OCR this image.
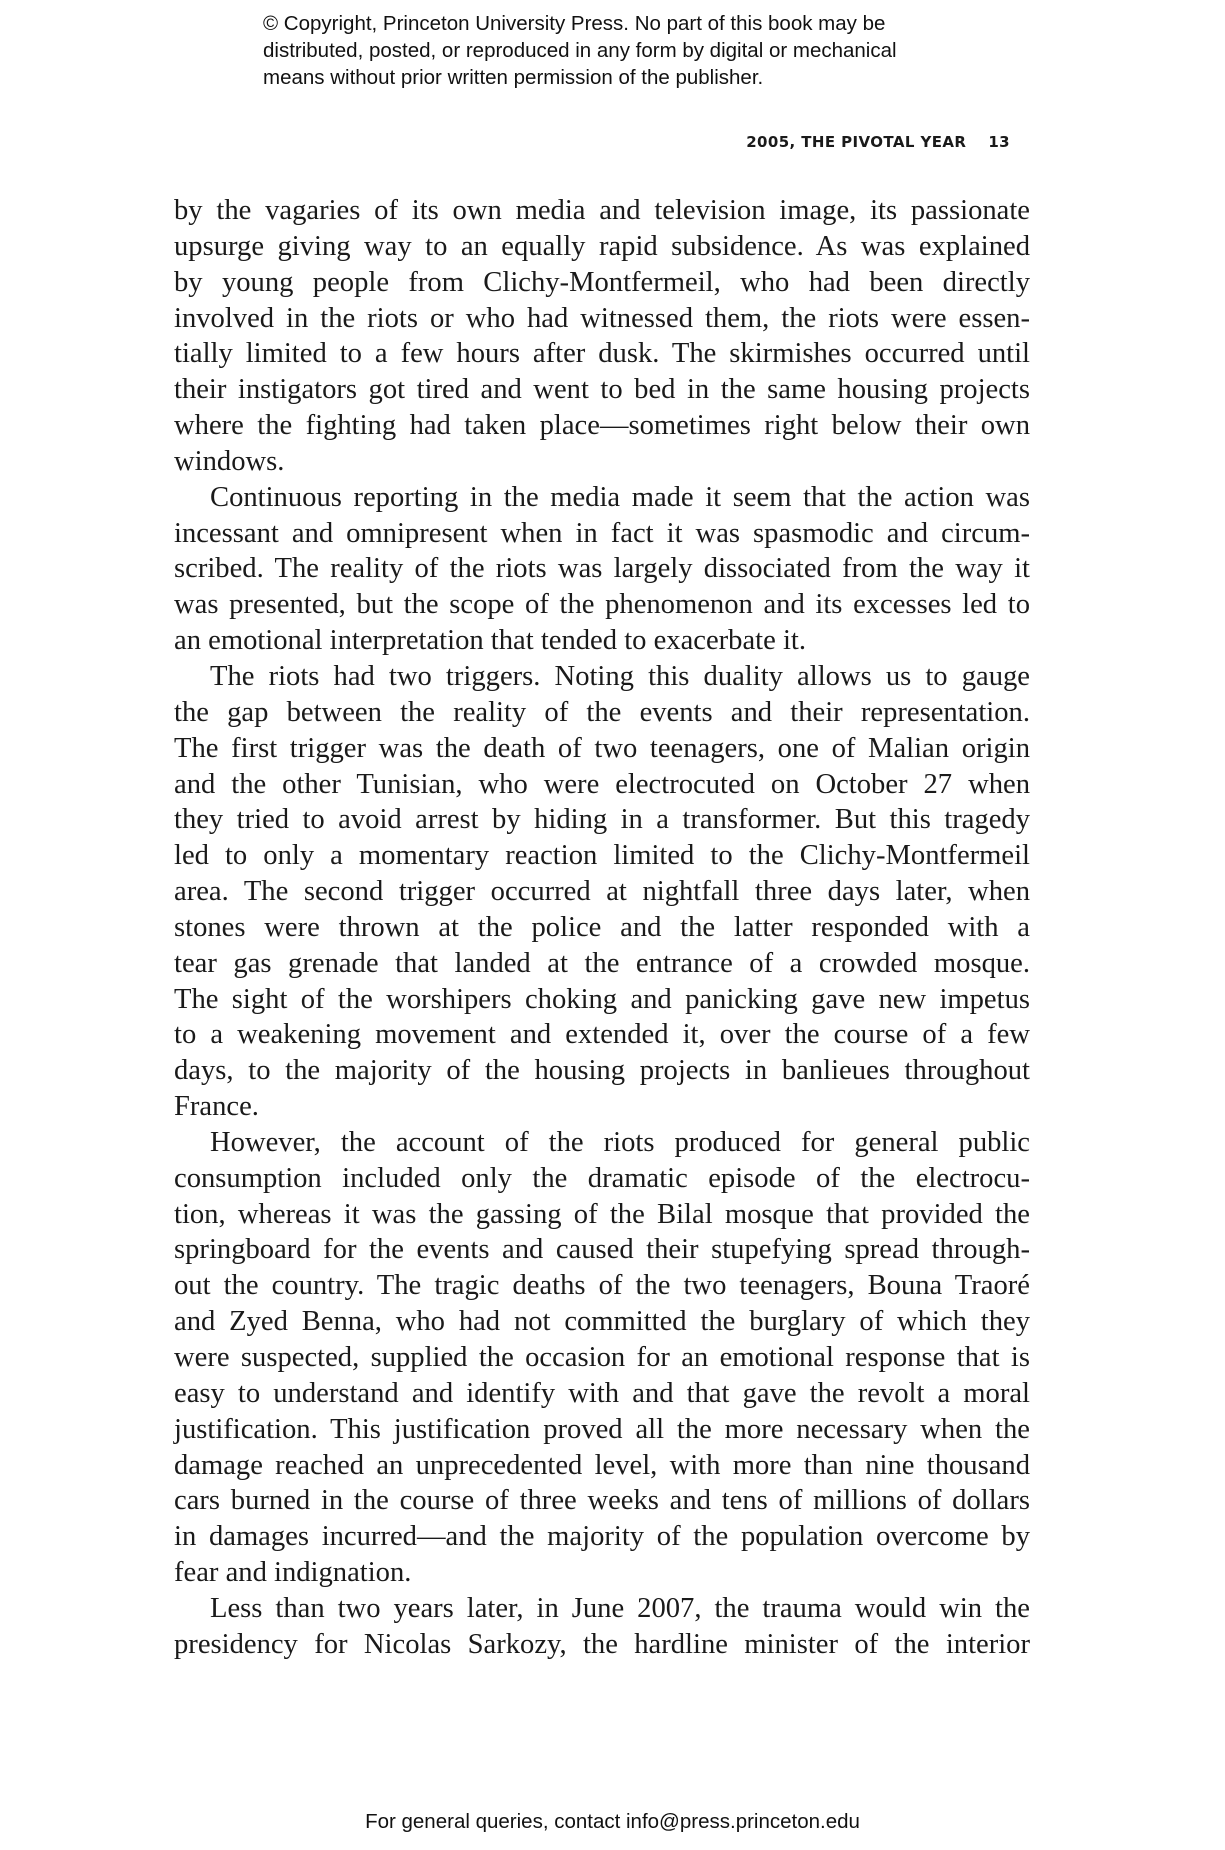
© Copyright, Princeton University Press. No part of this book may be
distributed, posted, or reproduced in any form by digital or mechanical
means without prior written permission of the publisher.
2005, THE PIVOTAL YEAR 13

by the vagaries of its own media and television image, its passionate

upsurge giving way to an equally rapid subsidence. As was explained

by young people from Clichy-Montfermeil, who had been directly

involved in the riots or who had witnessed them, the riots were essen-

tially limited to a few hours after dusk. The skirmishes occurred until

their instigators got tired and went to bed in the same housing projects

where the fighting had taken place—sometimes right below their own

windows.

Continuous reporting in the media made it seem that the action was

incessant and omnipresent when in fact it was spasmodic and circum-

scribed. The reality of the riots was largely dissociated from the way it

was presented, but the scope of the phenomenon and its excesses led to

an emotional interpretation that tended to exacerbate it.

The riots had two triggers. Noting this duality allows us to gauge

the gap between the reality of the events and their representation.

The first trigger was the death of two teenagers, one of Malian origin

and the other Tunisian, who were electrocuted on October 27 when

they tried to avoid arrest by hiding in a transformer. But this tragedy

led to only a momentary reaction limited to the Clichy-Montfermeil

area. The second trigger occurred at nightfall three days later, when

stones were thrown at the police and the latter responded with a

tear gas grenade that landed at the entrance of a crowded mosque.

The sight of the worshipers choking and panicking gave new impetus

to a weakening movement and extended it, over the course of a few

days, to the majority of the housing projects in banlieues throughout

France.

However, the account of the riots produced for general public

consumption included only the dramatic episode of the electrocu-

tion, whereas it was the gassing of the Bilal mosque that provided the

springboard for the events and caused their stupefying spread through-

out the country. The tragic deaths of the two teenagers, Bouna Traoré

and Zyed Benna, who had not committed the burglary of which they

were suspected, supplied the occasion for an emotional response that is

easy to understand and identify with and that gave the revolt a moral

justification. This justification proved all the more necessary when the

damage reached an unprecedented level, with more than nine thousand

cars burned in the course of three weeks and tens of millions of dollars

in damages incurred—and the majority of the population overcome by

fear and indignation.

Less than two years later, in June 2007, the trauma would win the

presidency for Nicolas Sarkozy, the hardline minister of the interior

For general queries, contact info@press.princeton.edu
